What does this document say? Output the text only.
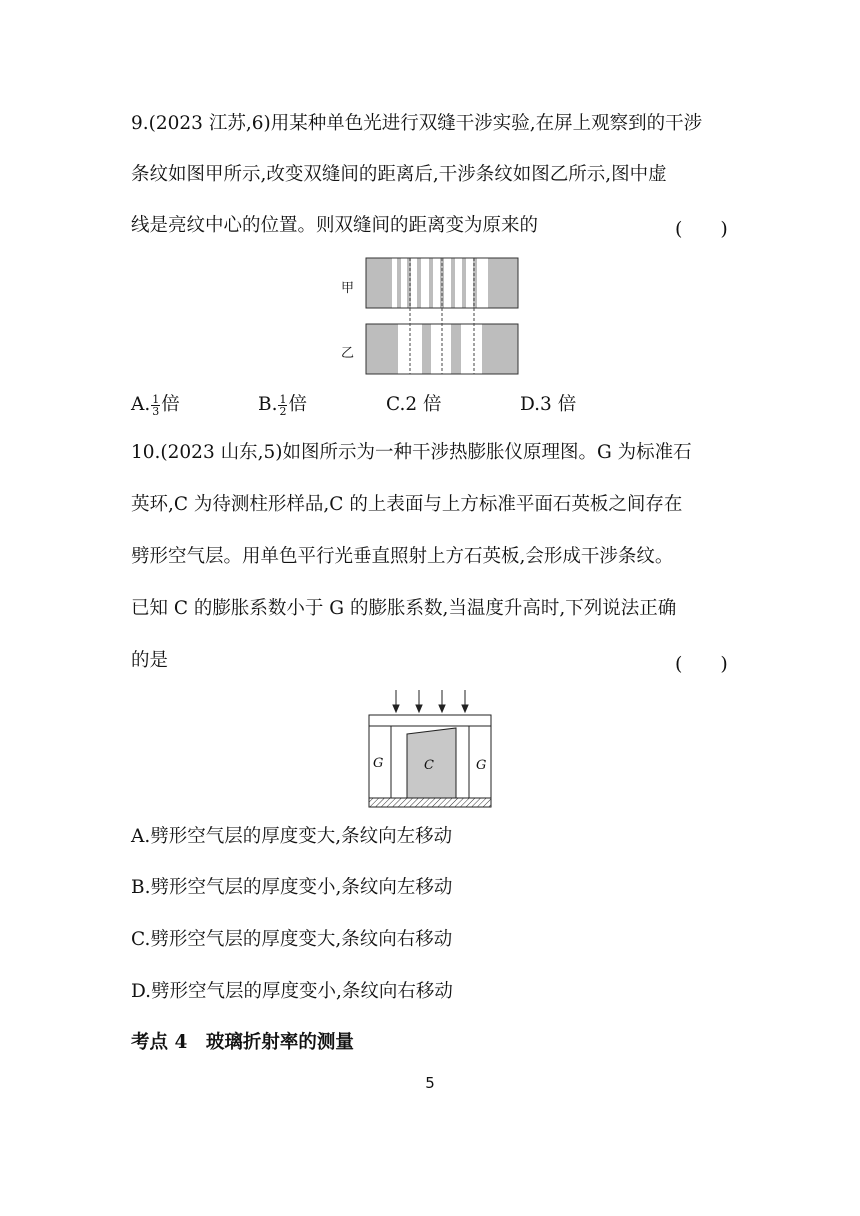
9.(2023 江苏,6)用某种单色光进行双缝干涉实验,在屏上观察到的干涉
条纹如图甲所示,改变双缝间的距离后,干涉条纹如图乙所示,图中虚
线是亮纹中心的位置。则双缝间的距离变为原来的	(　　)
甲
乙
A. $\frac{1}{3}$ 倍	B. $\frac{1}{2}$ 倍	C.2 倍	D.3 倍
10.(2023 山东,5)如图所示为一种干涉热膨胀仪原理图。G 为标准石
英环,C 为待测柱形样品,C 的上表面与上方标准平面石英板之间存在
劈形空气层。用单色平行光垂直照射上方石英板,会形成干涉条纹。
已知 C 的膨胀系数小于 G 的膨胀系数,当温度升高时,下列说法正确
的是	(　　)
G	C	G
A.劈形空气层的厚度变大,条纹向左移动
B.劈形空气层的厚度变小,条纹向左移动
C.劈形空气层的厚度变大,条纹向右移动
D.劈形空气层的厚度变小,条纹向右移动
考点 4　玻璃折射率的测量
5
